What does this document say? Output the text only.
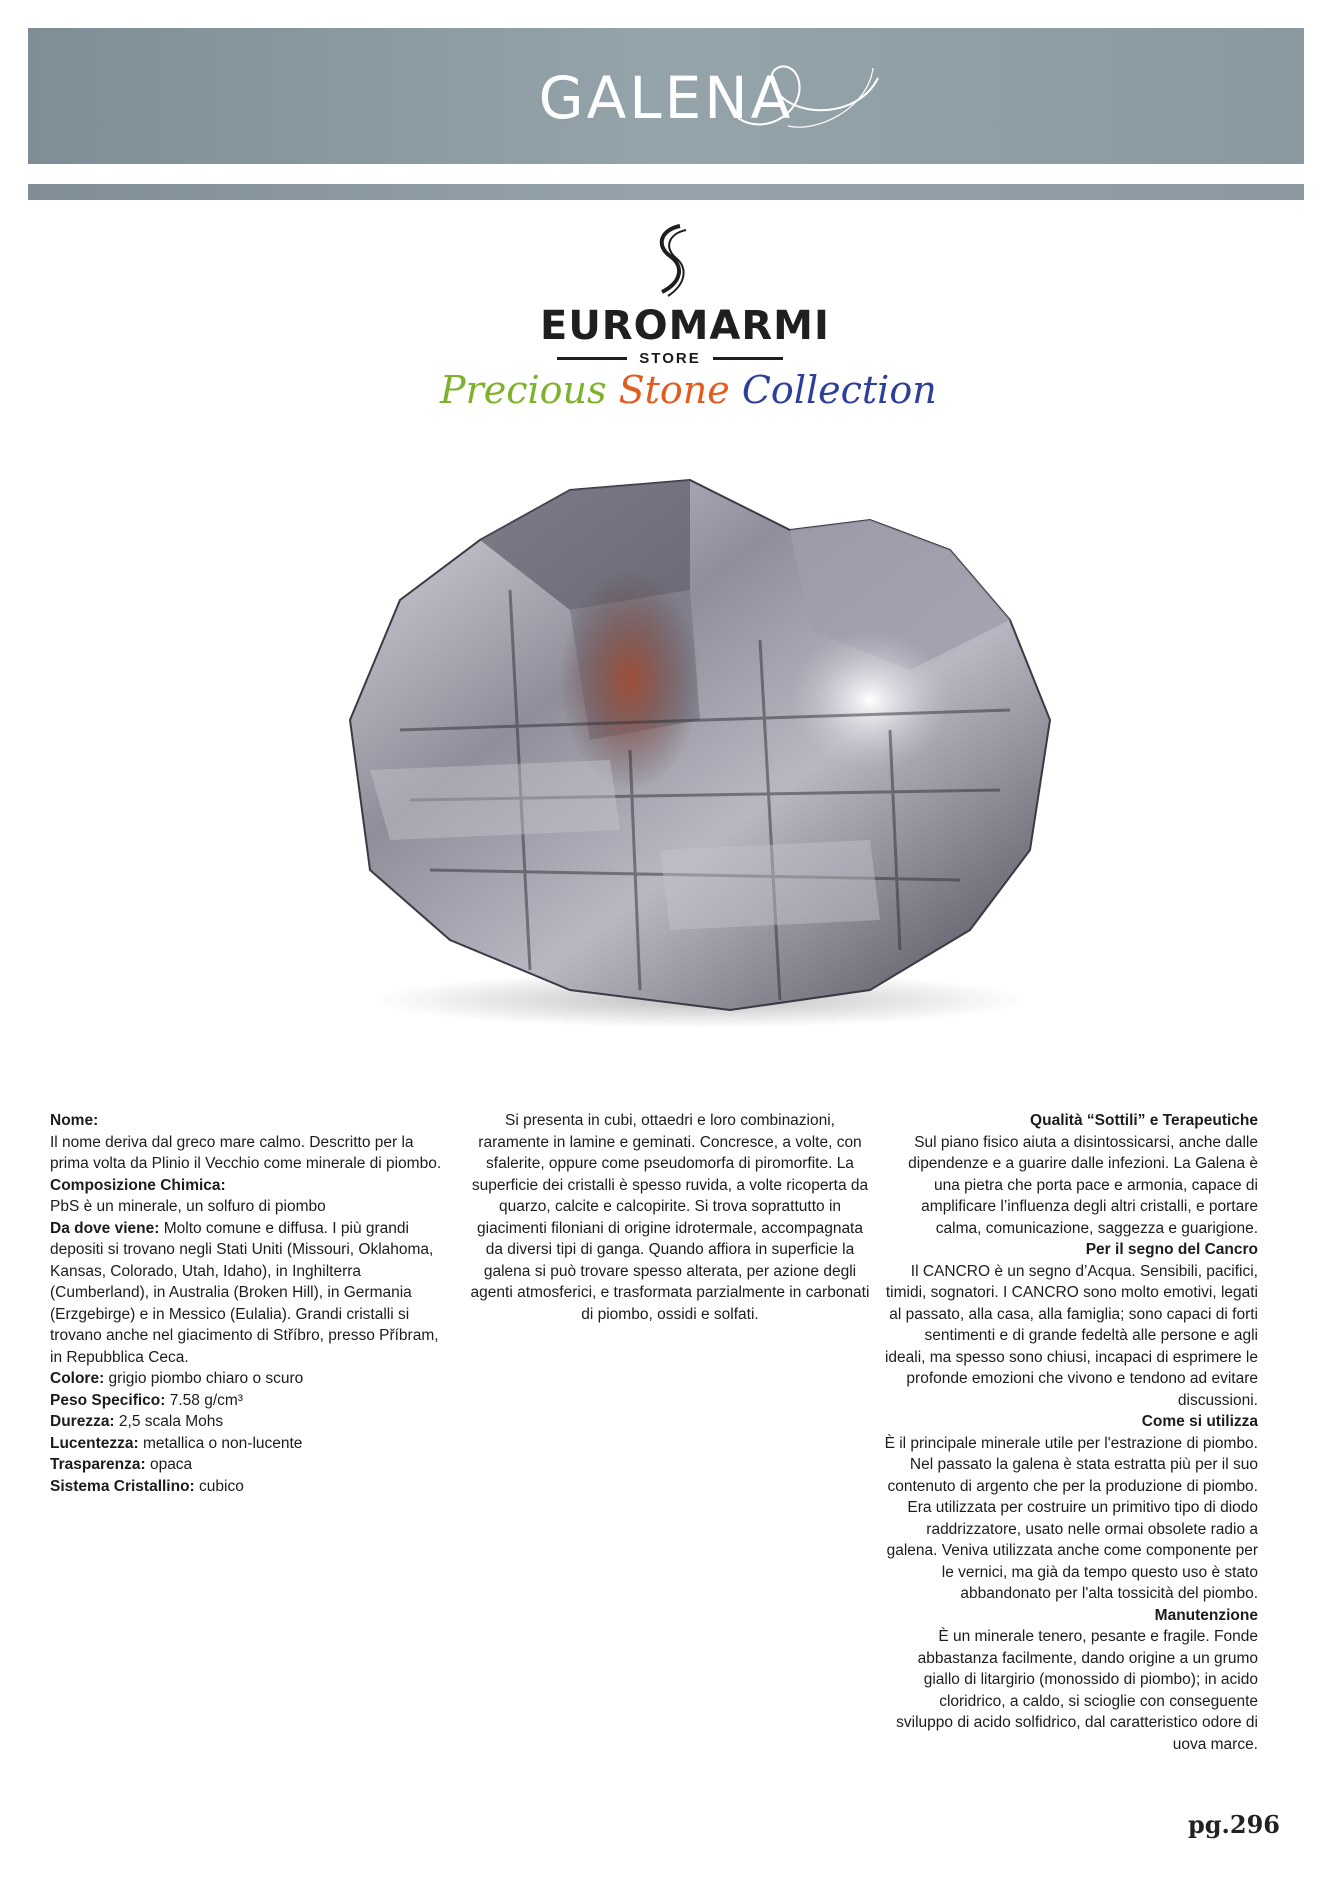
GALENA
EUROMARMI
STORE
Precious Stone Collection

Nome:

Il nome deriva dal greco mare calmo. Descritto per la prima volta da Plinio il Vecchio come minerale di piombo.

Composizione Chimica:

PbS è un minerale, un solfuro di piombo

Da dove viene: Molto comune e diffusa. I più grandi depositi si trovano negli Stati Uniti (Missouri, Oklahoma, Kansas, Colorado, Utah, Idaho), in Inghilterra (Cumberland), in Australia (Broken Hill), in Germania (Erzgebirge) e in Messico (Eulalia). Grandi cristalli si trovano anche nel giacimento di Stříbro, presso Příbram, in Repubblica Ceca.

Colore: grigio piombo chiaro o scuro

Peso Specifico: 7.58 g/cm³

Durezza: 2,5 scala Mohs

Lucentezza: metallica o non-lucente

Trasparenza: opaca

Sistema Cristallino: cubico

Si presenta in cubi, ottaedri e loro combinazioni, raramente in lamine e geminati. Concresce, a volte, con sfalerite, oppure come pseudomorfa di piromorfite. La superficie dei cristalli è spesso ruvida, a volte ricoperta da quarzo, calcite e calcopirite. Si trova soprattutto in giacimenti filoniani di origine idrotermale, accompagnata da diversi tipi di ganga. Quando affiora in superficie la galena si può trovare spesso alterata, per azione degli agenti atmosferici, e trasformata parzialmente in carbonati di piombo, ossidi e solfati.

Qualità “Sottili” e Terapeutiche

Sul piano fisico aiuta a disintossicarsi, anche dalle dipendenze e a guarire dalle infezioni. La Galena è una pietra che porta pace e armonia, capace di amplificare l’influenza degli altri cristalli, e portare calma, comunicazione, saggezza e guarigione.

Per il segno del Cancro

Il CANCRO è un segno d’Acqua. Sensibili, pacifici, timidi, sognatori. I CANCRO sono molto emotivi, legati al passato, alla casa, alla famiglia; sono capaci di forti sentimenti e di grande fedeltà alle persone e agli ideali, ma spesso sono chiusi, incapaci di esprimere le profonde emozioni che vivono e tendono ad evitare discussioni.

Come si utilizza

È il principale minerale utile per l'estrazione di piombo. Nel passato la galena è stata estratta più per il suo contenuto di argento che per la produzione di piombo. Era utilizzata per costruire un primitivo tipo di diodo raddrizzatore, usato nelle ormai obsolete radio a galena. Veniva utilizzata anche come componente per le vernici, ma già da tempo questo uso è stato abbandonato per l'alta tossicità del piombo.

Manutenzione

È un minerale tenero, pesante e fragile. Fonde abbastanza facilmente, dando origine a un grumo giallo di litargirio (monossido di piombo); in acido cloridrico, a caldo, si scioglie con conseguente sviluppo di acido solfidrico, dal caratteristico odore di uova marce.

pg.296
